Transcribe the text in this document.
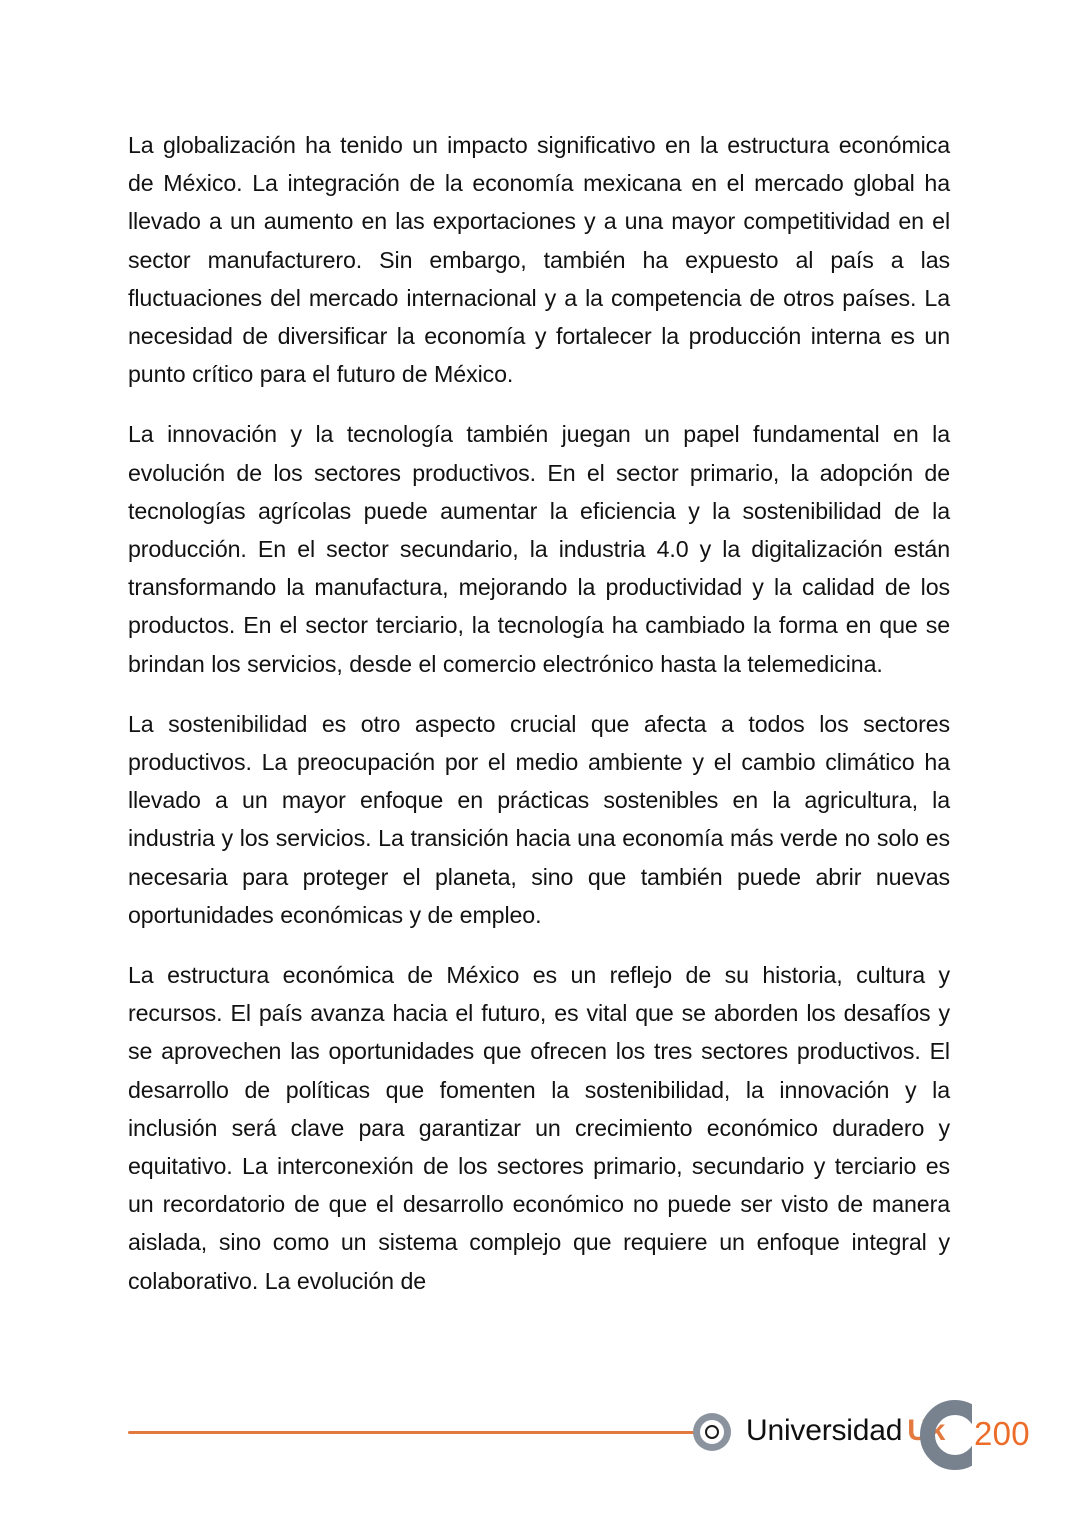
La globalización ha tenido un impacto significativo en la estructura económica de México. La integración de la economía mexicana en el mercado global ha llevado a un aumento en las exportaciones y a una mayor competitividad en el sector manufacturero. Sin embargo, también ha expuesto al país a las fluctuaciones del mercado internacional y a la competencia de otros países. La necesidad de diversificar la economía y fortalecer la producción interna es un punto crítico para el futuro de México.

La innovación y la tecnología también juegan un papel fundamental en la evolución de los sectores productivos. En el sector primario, la adopción de tecnologías agrícolas puede aumentar la eficiencia y la sostenibilidad de la producción. En el sector secundario, la industria 4.0 y la digitalización están transformando la manufactura, mejorando la productividad y la calidad de los productos. En el sector terciario, la tecnología ha cambiado la forma en que se brindan los servicios, desde el comercio electrónico hasta la telemedicina.

La sostenibilidad es otro aspecto crucial que afecta a todos los sectores productivos. La preocupación por el medio ambiente y el cambio climático ha llevado a un mayor enfoque en prácticas sostenibles en la agricultura, la industria y los servicios. La transición hacia una economía más verde no solo es necesaria para proteger el planeta, sino que también puede abrir nuevas oportunidades económicas y de empleo.

La estructura económica de México es un reflejo de su historia, cultura y recursos. El país avanza hacia el futuro, es vital que se aborden los desafíos y se aprovechen las oportunidades que ofrecen los tres sectores productivos. El desarrollo de políticas que fomenten la sostenibilidad, la innovación y la inclusión será clave para garantizar un crecimiento económico duradero y equitativo. La interconexión de los sectores primario, secundario y terciario es un recordatorio de que el desarrollo económico no puede ser visto de manera aislada, sino como un sistema complejo que requiere un enfoque integral y colaborativo. La evolución de

Universidad Uk 200
